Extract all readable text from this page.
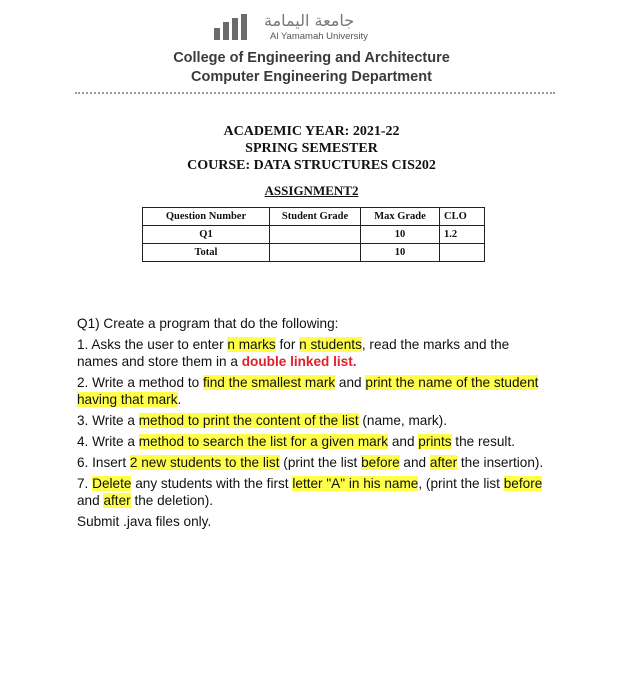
جامعة اليمامة
Al Yamamah University
College of Engineering and Architecture
Computer Engineering Department
ACADEMIC YEAR: 2021-22
SPRING SEMESTER
COURSE: DATA STRUCTURES CIS202
ASSIGNMENT2
Question Number	Student Grade	Max Grade	CLO
Q1		10	1.2
Total		10	

Q1) Create a program that do the following:

1. Asks the user to enter n marks for n students, read the marks and the names and store them in a double linked list.

2. Write a method to find the smallest mark and print the name of the student having that mark.

3. Write a method to print the content of the list (name, mark).

4. Write a method to search the list for a given mark and prints the result.

6. Insert 2 new students to the list (print the list before and after the insertion).

7. Delete any students with the first letter "A" in his name, (print the list before and after the deletion).

Submit .java files only.
